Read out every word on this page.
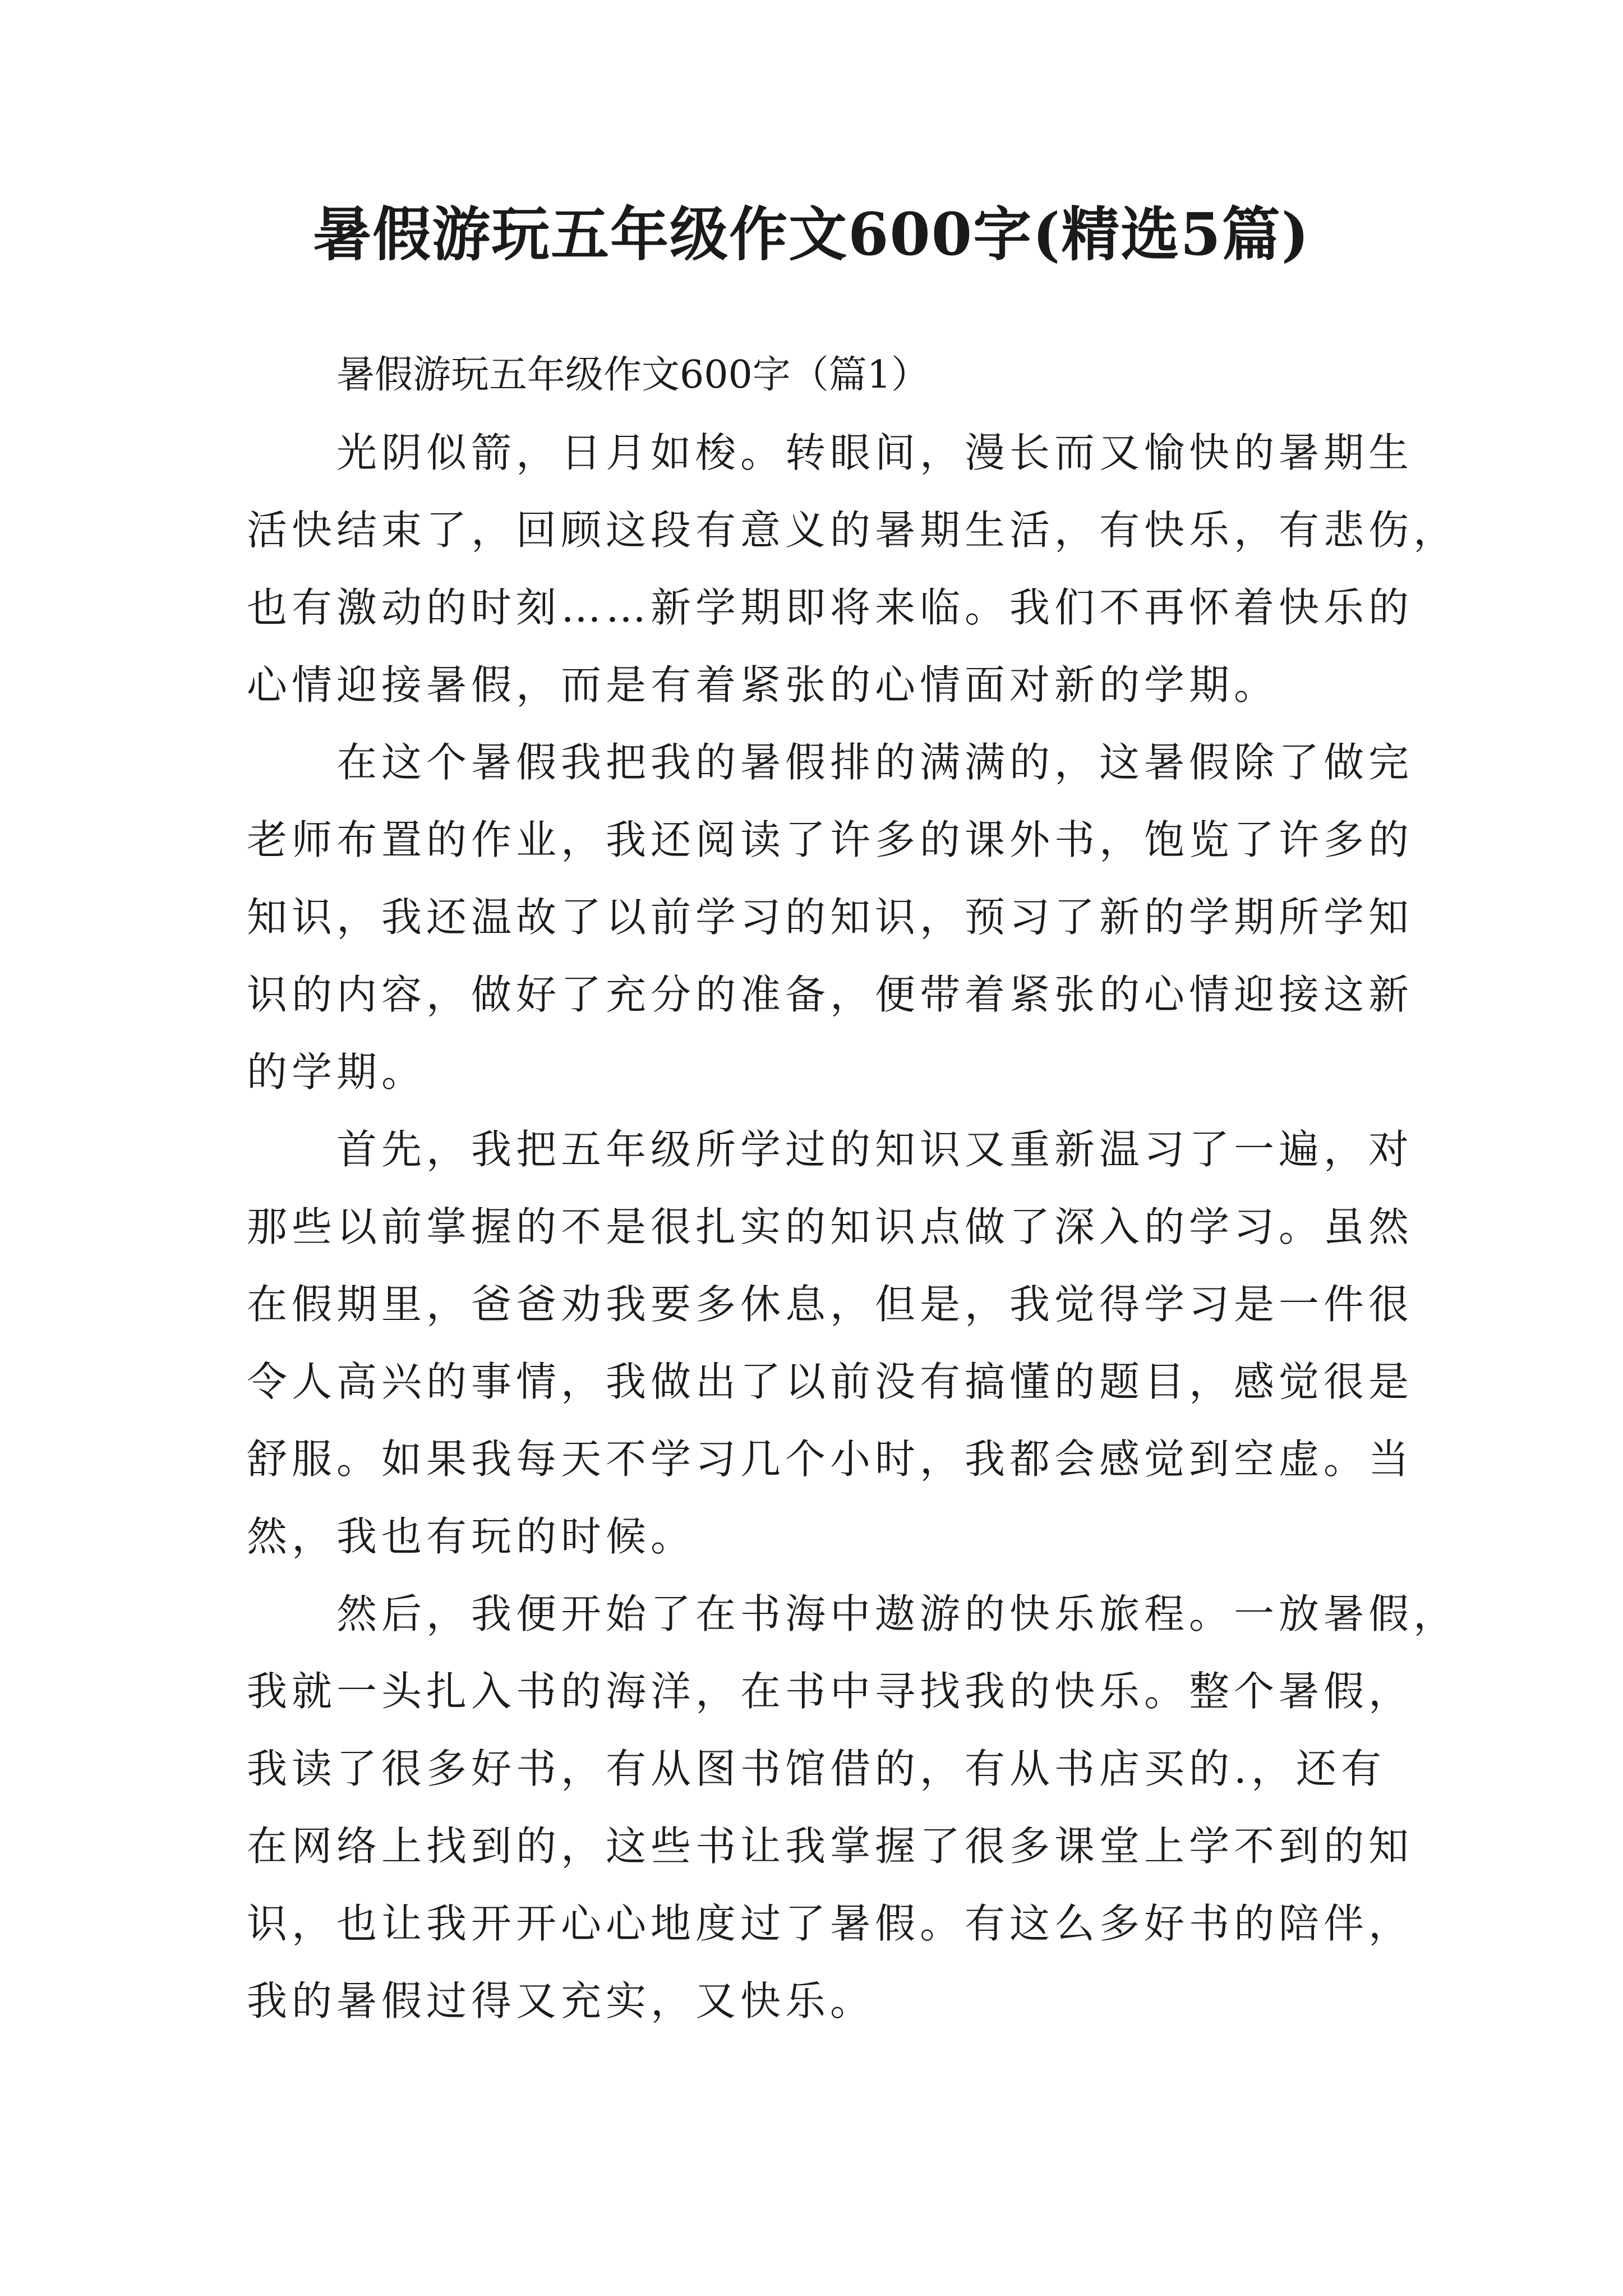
暑假游玩五年级作文600字(精选5篇)

暑假游玩五年级作文600字（篇1）

光阴似箭，日月如梭。转眼间，漫长而又愉快的暑期生
活快结束了，回顾这段有意义的暑期生活，有快乐，有悲伤，
也有激动的时刻……新学期即将来临。我们不再怀着快乐的
心情迎接暑假，而是有着紧张的心情面对新的学期。

在这个暑假我把我的暑假排的满满的，这暑假除了做完
老师布置的作业，我还阅读了许多的课外书，饱览了许多的
知识，我还温故了以前学习的知识，预习了新的学期所学知
识的内容，做好了充分的准备，便带着紧张的心情迎接这新
的学期。

首先，我把五年级所学过的知识又重新温习了一遍，对
那些以前掌握的不是很扎实的知识点做了深入的学习。虽然
在假期里，爸爸劝我要多休息，但是，我觉得学习是一件很
令人高兴的事情，我做出了以前没有搞懂的题目，感觉很是
舒服。如果我每天不学习几个小时，我都会感觉到空虚。当
然，我也有玩的时候。

然后，我便开始了在书海中遨游的快乐旅程。一放暑假，
我就一头扎入书的海洋，在书中寻找我的快乐。整个暑假，
我读了很多好书，有从图书馆借的，有从书店买的.，还有
在网络上找到的，这些书让我掌握了很多课堂上学不到的知
识，也让我开开心心地度过了暑假。有这么多好书的陪伴，
我的暑假过得又充实，又快乐。
